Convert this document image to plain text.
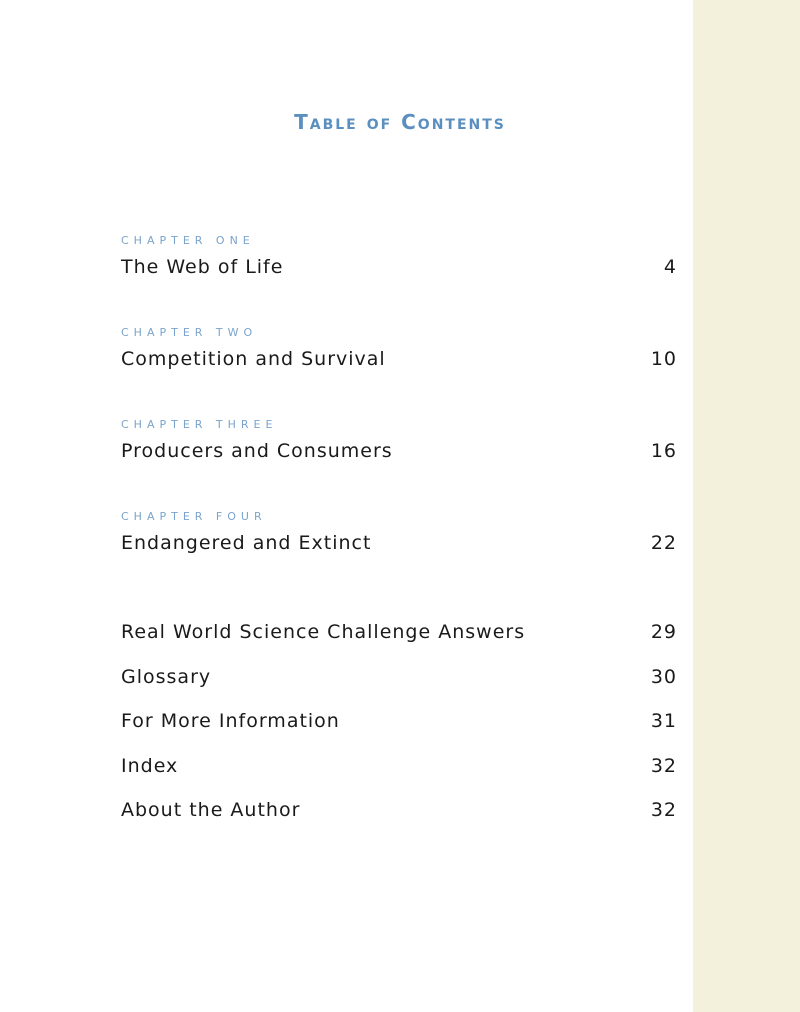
Table of Contents
CHAPTER ONE
The Web of Life	4
CHAPTER TWO
Competition and Survival	10
CHAPTER THREE
Producers and Consumers	16
CHAPTER FOUR
Endangered and Extinct	22
Real World Science Challenge Answers	29
Glossary	30
For More Information	31
Index	32
About the Author	32
